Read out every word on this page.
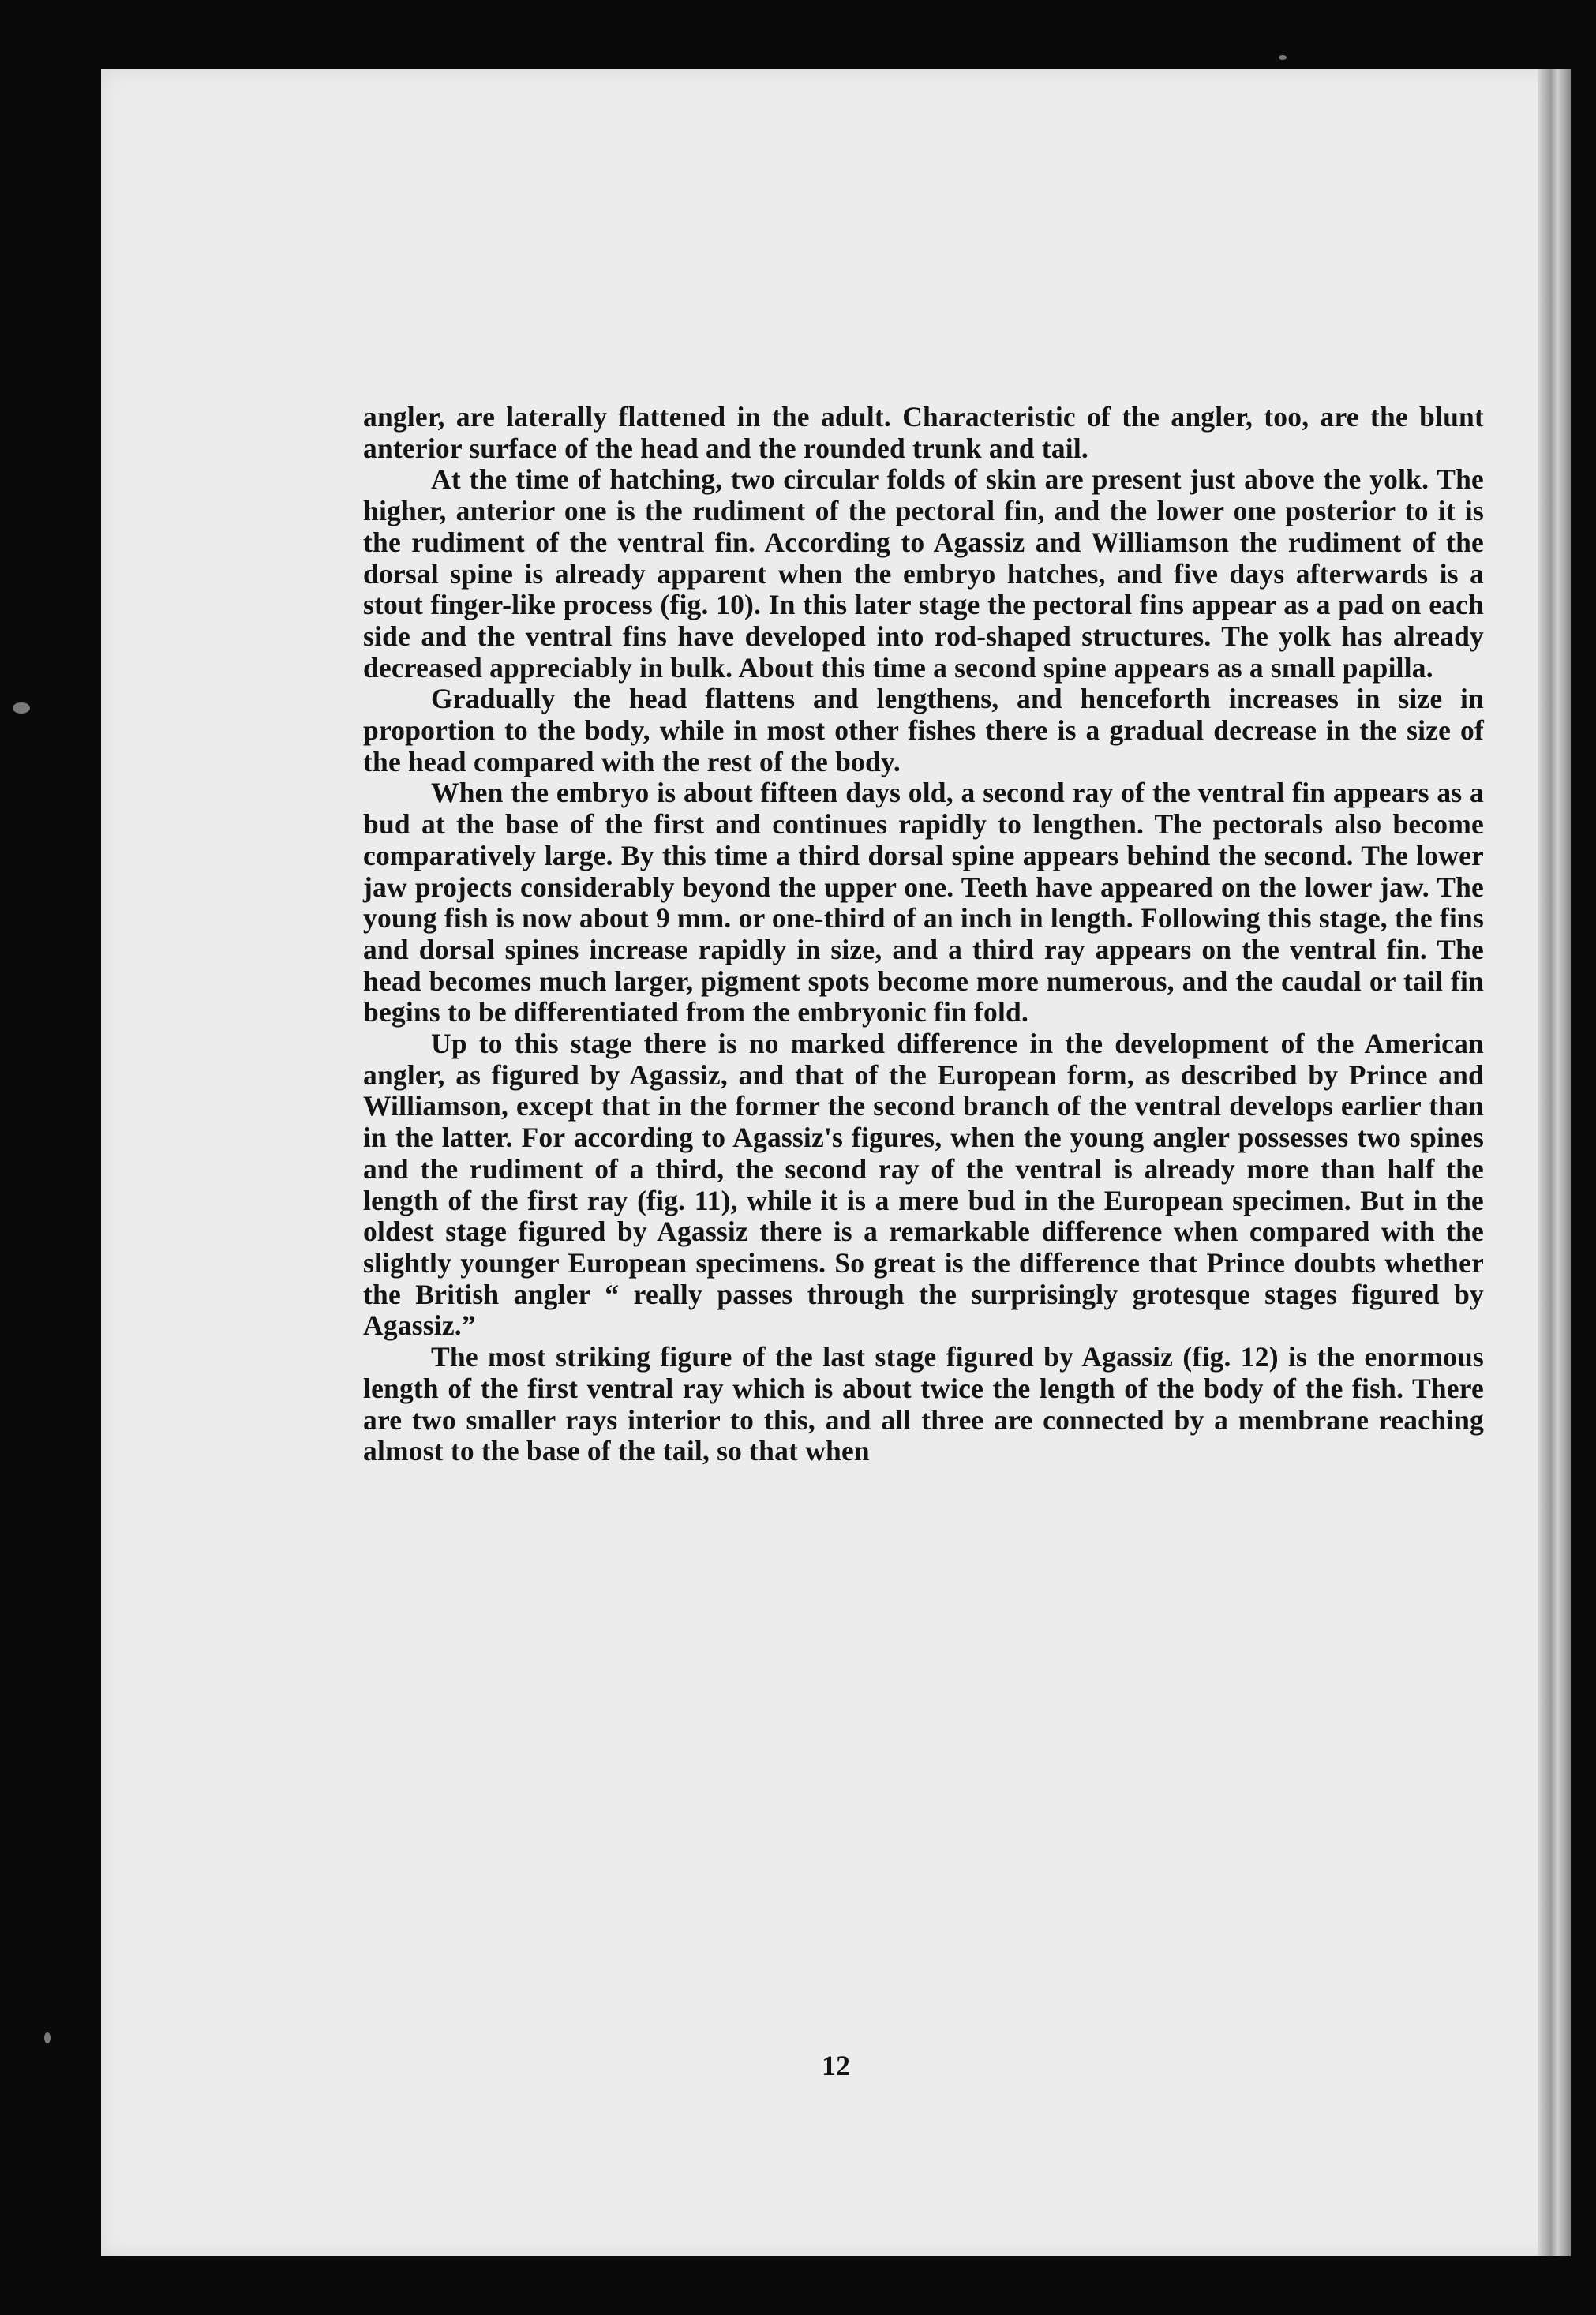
angler, are laterally flattened in the adult. Characteristic of the angler, too, are the blunt anterior surface of the head and the rounded trunk and tail.

At the time of hatching, two circular folds of skin are present just above the yolk. The higher, anterior one is the rudiment of the pectoral fin, and the lower one posterior to it is the rudiment of the ventral fin. According to Agassiz and Williamson the rudiment of the dorsal spine is already apparent when the embryo hatches, and five days afterwards is a stout finger-like process (fig. 10). In this later stage the pectoral fins appear as a pad on each side and the ventral fins have developed into rod-shaped structures. The yolk has already decreased appreciably in bulk. About this time a second spine appears as a small papilla.

Gradually the head flattens and lengthens, and henceforth increases in size in proportion to the body, while in most other fishes there is a gradual decrease in the size of the head compared with the rest of the body.

When the embryo is about fifteen days old, a second ray of the ventral fin appears as a bud at the base of the first and continues rapidly to lengthen. The pectorals also become comparatively large. By this time a third dorsal spine appears behind the second. The lower jaw projects considerably beyond the upper one. Teeth have appeared on the lower jaw. The young fish is now about 9 mm. or one-third of an inch in length. Following this stage, the fins and dorsal spines increase rapidly in size, and a third ray appears on the ventral fin. The head becomes much larger, pigment spots become more numerous, and the caudal or tail fin begins to be differentiated from the embryonic fin fold.

Up to this stage there is no marked difference in the development of the American angler, as figured by Agassiz, and that of the European form, as described by Prince and Williamson, except that in the former the second branch of the ventral develops earlier than in the latter. For according to Agassiz's figures, when the young angler possesses two spines and the rudiment of a third, the second ray of the ventral is already more than half the length of the first ray (fig. 11), while it is a mere bud in the European specimen. But in the oldest stage figured by Agassiz there is a remarkable difference when compared with the slightly younger European specimens. So great is the difference that Prince doubts whether the British angler “ really passes through the surprisingly grotesque stages figured by Agassiz.”

The most striking figure of the last stage figured by Agassiz (fig. 12) is the enormous length of the first ventral ray which is about twice the length of the body of the fish. There are two smaller rays interior to this, and all three are connected by a membrane reaching almost to the base of the tail, so that when

12
